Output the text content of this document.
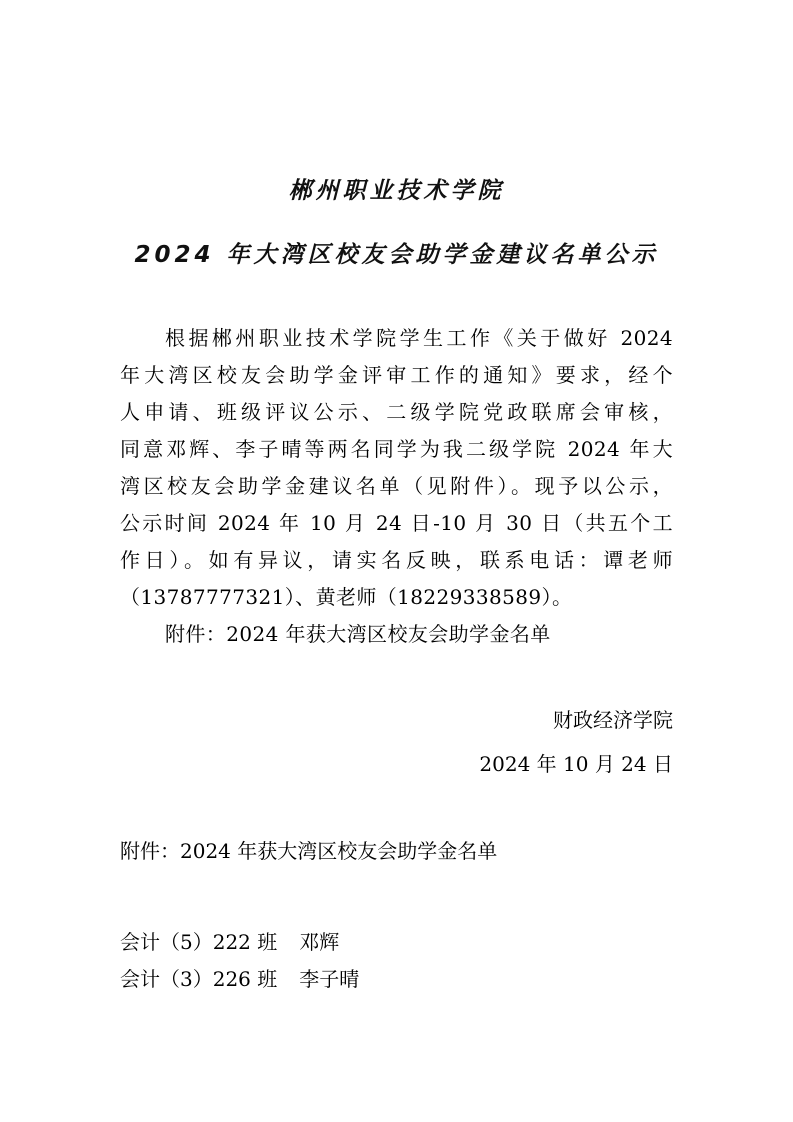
郴州职业技术学院
2024 年大湾区校友会助学金建议名单公示
根据郴州职业技术学院学生工作《关于做好 2024
年大湾区校友会助学金评审工作的通知》要求，经个
人申请、班级评议公示、二级学院党政联席会审核，
同意邓辉、李子晴等两名同学为我二级学院 2024 年大
湾区校友会助学金建议名单（见附件）。现予以公示，
公示时间 2024 年 10 月 24 日-10 月 30 日（共五个工
作日）。如有异议，请实名反映，联系电话：谭老师
（13787777321）、黄老师（18229338589）。
附件：2024 年获大湾区校友会助学金名单
财政经济学院
2024 年 10 月 24 日
附件：2024 年获大湾区校友会助学金名单
会计（5）222 班 邓辉
会计（3）226 班 李子晴
